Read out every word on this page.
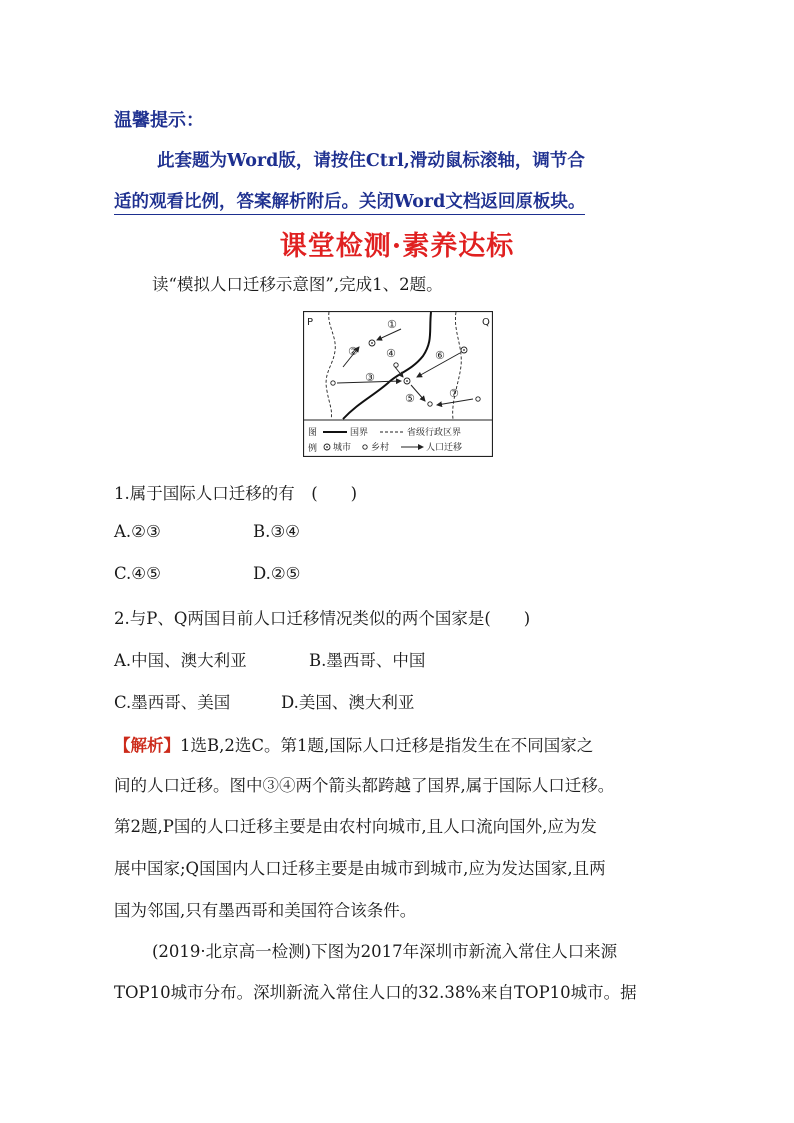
温馨提示：
此套题为Word版，请按住Ctrl,滑动鼠标滚轴，调节合
适的观看比例，答案解析附后。关闭Word文档返回原板块。
课堂检测·素养达标
读“模拟人口迁移示意图”,完成1、2题。
P	Q
①
②
③
④
⑤
⑥
⑦
图
例
国界	省级行政区界
城市 乡村	人口迁移
1.属于国际人口迁移的有　(　　)
A.②③	B.③④
C.④⑤	D.②⑤
2.与P、Q两国目前人口迁移情况类似的两个国家是(　　)
A.中国、澳大利亚	B.墨西哥、中国
C.墨西哥、美国	D.美国、澳大利亚
【解析】1选B,2选C。第1题,国际人口迁移是指发生在不同国家之
间的人口迁移。图中③④两个箭头都跨越了国界,属于国际人口迁移。
第2题,P国的人口迁移主要是由农村向城市,且人口流向国外,应为发
展中国家;Q国国内人口迁移主要是由城市到城市,应为发达国家,且两
国为邻国,只有墨西哥和美国符合该条件。
(2019·北京高一检测)下图为2017年深圳市新流入常住人口来源
TOP10城市分布。深圳新流入常住人口的32.38%来自TOP10城市。据
